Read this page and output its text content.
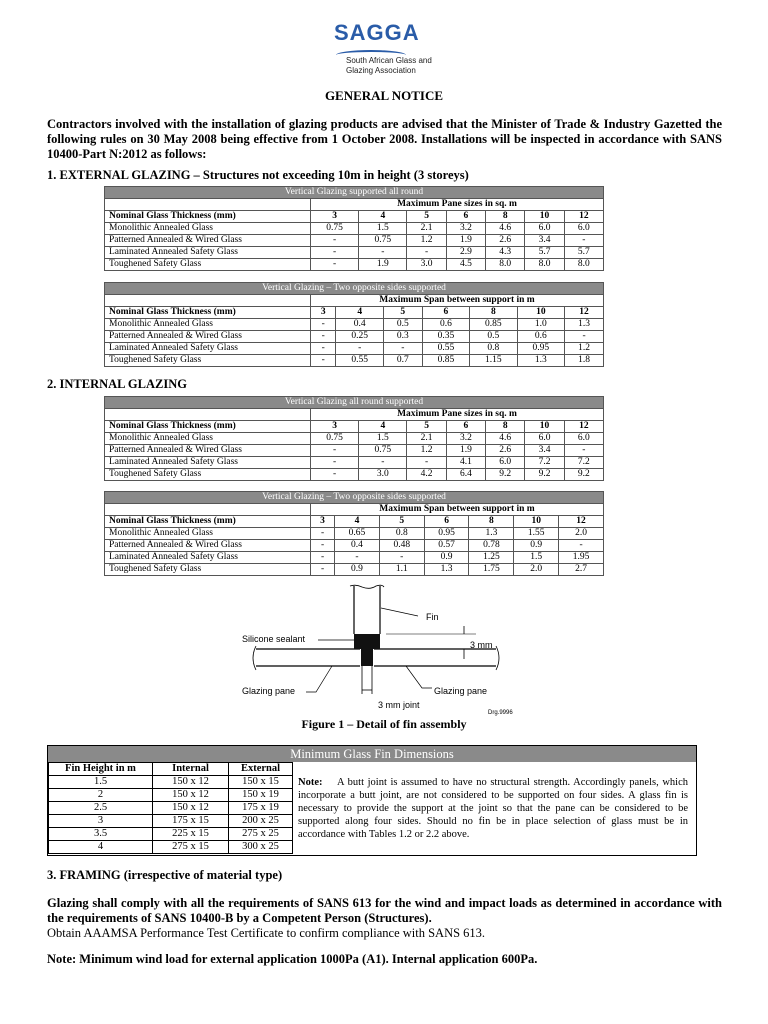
SAGGA
South African Glass and
Glazing Association
GENERAL NOTICE
Contractors involved with the installation of glazing products are advised that the Minister of Trade & Industry Gazetted the following rules on 30 May 2008 being effective from 1 October 2008. Installations will be inspected in accordance with SANS 10400-Part N:2012 as follows:
1. EXTERNAL GLAZING – Structures not exceeding 10m in height (3 storeys)
Vertical Glazing supported all round							
	Maximum Pane sizes in sq. m						
Nominal Glass Thickness (mm)	3	4	5	6	8	10	12
Monolithic Annealed Glass	0.75	1.5	2.1	3.2	4.6	6.0	6.0
Patterned Annealed & Wired Glass	-	0.75	1.2	1.9	2.6	3.4	-
Laminated Annealed Safety Glass	-	-	-	2.9	4.3	5.7	5.7
Toughened Safety Glass	-	1.9	3.0	4.5	8.0	8.0	8.0
Vertical Glazing – Two opposite sides supported							
	Maximum Span between support in m						
Nominal Glass Thickness (mm)	3	4	5	6	8	10	12
Monolithic Annealed Glass	-	0.4	0.5	0.6	0.85	1.0	1.3
Patterned Annealed & Wired Glass	-	0.25	0.3	0.35	0.5	0.6	-
Laminated Annealed Safety Glass	-	-	-	0.55	0.8	0.95	1.2
Toughened Safety Glass	-	0.55	0.7	0.85	1.15	1.3	1.8
2. INTERNAL GLAZING
Vertical Glazing all round supported							
	Maximum Pane sizes in sq. m						
Nominal Glass Thickness (mm)	3	4	5	6	8	10	12
Monolithic Annealed Glass	0.75	1.5	2.1	3.2	4.6	6.0	6.0
Patterned Annealed & Wired Glass	-	0.75	1.2	1.9	2.6	3.4	-
Laminated Annealed Safety Glass	-	-	-	4.1	6.0	7.2	7.2
Toughened Safety Glass	-	3.0	4.2	6.4	9.2	9.2	9.2
Vertical Glazing – Two opposite sides supported							
	Maximum Span between support in m						
Nominal Glass Thickness (mm)	3	4	5	6	8	10	12
Monolithic Annealed Glass	-	0.65	0.8	0.95	1.3	1.55	2.0
Patterned Annealed & Wired Glass	-	0.4	0.48	0.57	0.78	0.9	-
Laminated Annealed Safety Glass	-	-	-	0.9	1.25	1.5	1.95
Toughened Safety Glass	-	0.9	1.1	1.3	1.75	2.0	2.7
Fin
Silicone sealant
3 mm
Glazing pane	Glazing pane
3 mm joint
Drg.9996
Figure 1 – Detail of fin assembly
Minimum Glass Fin Dimensions
Fin Height in m	Internal	External
1.5	150 x 12	150 x 15
2	150 x 12	150 x 19
2.5	150 x 12	175 x 19
3	175 x 15	200 x 25
3.5	225 x 15	275 x 25
4	275 x 15	300 x 25
Note: A butt joint is assumed to have no structural strength. Accordingly panels, which incorporate a butt joint, are not considered to be supported on four sides. A glass fin is necessary to provide the support at the joint so that the pane can be considered to be supported along four sides. Should no fin be in place selection of glass must be in accordance with Tables 1.2 or 2.2 above.
3. FRAMING (irrespective of material type)
Glazing shall comply with all the requirements of SANS 613 for the wind and impact loads as determined in accordance with the requirements of SANS 10400-B by a Competent Person (Structures).
Obtain AAAMSA Performance Test Certificate to confirm compliance with SANS 613.
Note: Minimum wind load for external application 1000Pa (A1). Internal application 600Pa.
